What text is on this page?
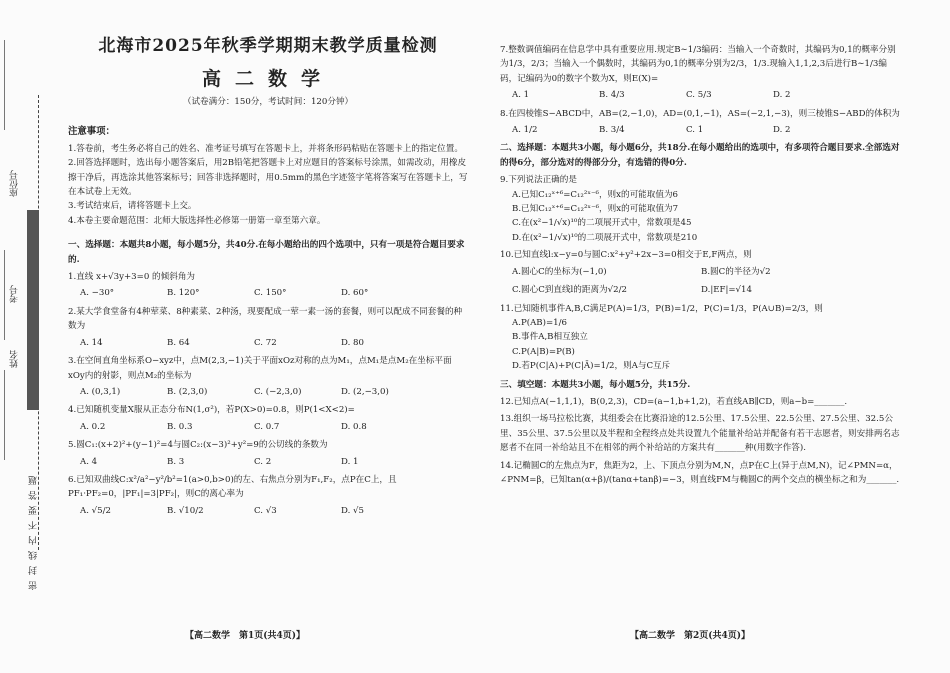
座位号
考号
姓名
密封线内不要答题
北海市2025年秋季学期期末教学质量检测
高二数学
（试卷满分：150分，考试时间：120分钟）
注意事项：

1.答卷前，考生务必将自己的姓名、准考证号填写在答题卡上，并将条形码粘贴在答题卡上的指定位置。

2.回答选择题时，选出每小题答案后，用2B铅笔把答题卡上对应题目的答案标号涂黑，如需改动，用橡皮擦干净后，再选涂其他答案标号；回答非选择题时，用0.5mm的黑色字迹签字笔将答案写在答题卡上，写在本试卷上无效。

3.考试结束后，请将答题卡上交。

4.本卷主要命题范围：北师大版选择性必修第一册第一章至第六章。

一、选择题：本题共8小题，每小题5分，共40分.在每小题给出的四个选项中，只有一项是符合题目要求的.

1.直线 x+√3y+3=0 的倾斜角为

A. −30°	B. 120°	C. 150°	D. 60°

2.某大学食堂备有4种荤菜、8种素菜、2种汤，现要配成一荤一素一汤的套餐，则可以配成不同套餐的种数为

A. 14	B. 64	C. 72	D. 80

3.在空间直角坐标系O−xyz中，点M(2,3,−1)关于平面xOz对称的点为M₁，点M₁是点M₂在坐标平面xOy内的射影，则点M₂的坐标为

A. (0,3,1)	B. (2,3,0)	C. (−2,3,0)	D. (2,−3,0)

4.已知随机变量X服从正态分布N(1,σ²)，若P(X>0)=0.8，则P(1<X<2)=

A. 0.2	B. 0.3	C. 0.7	D. 0.8

5.圆C₁:(x+2)²+(y−1)²=4与圆C₂:(x−3)²+y²=9的公切线的条数为

A. 4	B. 3	C. 2	D. 1

6.已知双曲线C:x²/a²−y²/b²=1(a>0,b>0)的左、右焦点分别为F₁,F₂，点P在C上，且PF₁·PF₂=0，|PF₁|=3|PF₂|，则C的离心率为

A. √5/2	B. √10/2	C. √3	D. √5

7.整数调值编码在信息学中具有重要应用.规定B∼1/3编码：当输入一个奇数时，其编码为0,1的概率分别为1/3，2/3；当输入一个偶数时，其编码为0,1的概率分别为2/3，1/3.现输入1,1,2,3后进行B∼1/3编码，记编码为0的数字个数为X，则E(X)=

A. 1	B. 4/3	C. 5/3	D. 2

8.在四棱锥S−ABCD中，AB=(2,−1,0)，AD=(0,1,−1)，AS=(−2,1,−3)，则三棱锥S−ABD的体积为

A. 1/2	B. 3/4	C. 1	D. 2

二、选择题：本题共3小题，每小题6分，共18分.在每小题给出的选项中，有多项符合题目要求.全部选对的得6分，部分选对的得部分分，有选错的得0分.

9.下列说法正确的是

A.已知C₁₂ˣ⁺⁶=C₁₂²ˣ⁻⁶，则x的可能取值为6

B.已知C₁₂ˣ⁺⁶=C₁₂²ˣ⁻⁶，则x的可能取值为7

C.在(x²−1/√x)¹⁰的二项展开式中，常数项是45

D.在(x²−1/√x)¹⁰的二项展开式中，常数项是210

10.已知直线l:x−y=0与圆C:x²+y²+2x−3=0相交于E,F两点，则

A.圆心C的坐标为(−1,0)	B.圆C的半径为√2
C.圆心C到直线l的距离为√2/2	D.|EF|=√14

11.已知随机事件A,B,C满足P(A)=1/3，P(B)=1/2，P(C)=1/3，P(A∪B)=2/3，则

A.P(AB)=1/6

B.事件A,B相互独立

C.P(A|B)=P(B)

D.若P(C|A)+P(C|Ā)=1/2，则A与C互斥

三、填空题：本题共3小题，每小题5分，共15分.

12.已知点A(−1,1,1)，B(0,2,3)，CD=(a−1,b+1,2)，若直线AB∥CD，则a−b=_______.

13.组织一场马拉松比赛，其组委会在比赛沿途的12.5公里、17.5公里、22.5公里、27.5公里、32.5公里、35公里、37.5公里以及半程和全程终点处共设置九个能量补给站并配备有若干志愿者，则安排两名志愿者不在同一补给站且不在相邻的两个补给站的方案共有_______种(用数字作答).

14.记椭圆C的左焦点为F，焦距为2，上、下顶点分别为M,N，点P在C上(异于点M,N)，记∠PMN=α，∠PNM=β，已知tan(α+β)/(tanα+tanβ)=−3，则直线FM与椭圆C的两个交点的横坐标之和为_______.

【高二数学　第1页(共4页)】	【高二数学　第2页(共4页)】
